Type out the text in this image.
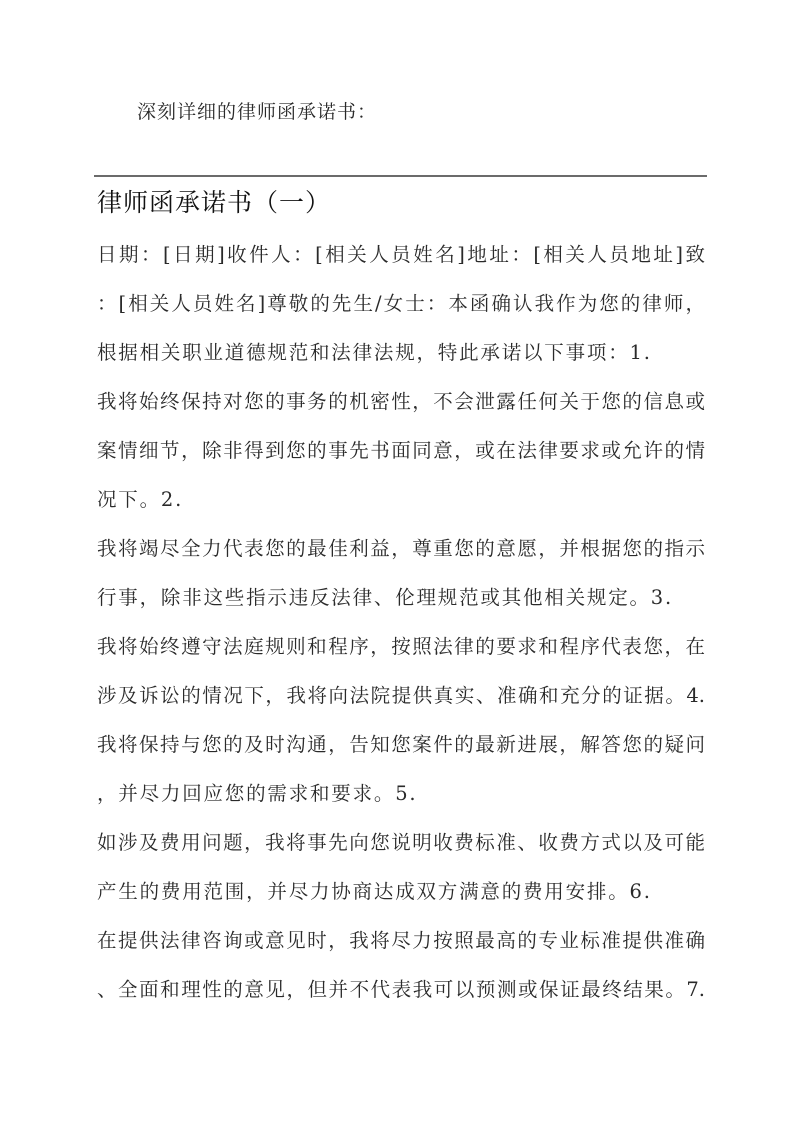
深刻详细的律师函承诺书：
律师函承诺书（一）
日期：[日期]收件人：[相关人员姓名]地址：[相关人员地址]致
：[相关人员姓名]尊敬的先生/女士：本函确认我作为您的律师，
根据相关职业道德规范和法律法规，特此承诺以下事项：1.
我将始终保持对您的事务的机密性，不会泄露任何关于您的信息或
案情细节，除非得到您的事先书面同意，或在法律要求或允许的情
况下。2.
我将竭尽全力代表您的最佳利益，尊重您的意愿，并根据您的指示
行事，除非这些指示违反法律、伦理规范或其他相关规定。3.
我将始终遵守法庭规则和程序，按照法律的要求和程序代表您，在
涉及诉讼的情况下，我将向法院提供真实、准确和充分的证据。4.
我将保持与您的及时沟通，告知您案件的最新进展，解答您的疑问
，并尽力回应您的需求和要求。5.
如涉及费用问题，我将事先向您说明收费标准、收费方式以及可能
产生的费用范围，并尽力协商达成双方满意的费用安排。6.
在提供法律咨询或意见时，我将尽力按照最高的专业标准提供准确
、全面和理性的意见，但并不代表我可以预测或保证最终结果。7.
